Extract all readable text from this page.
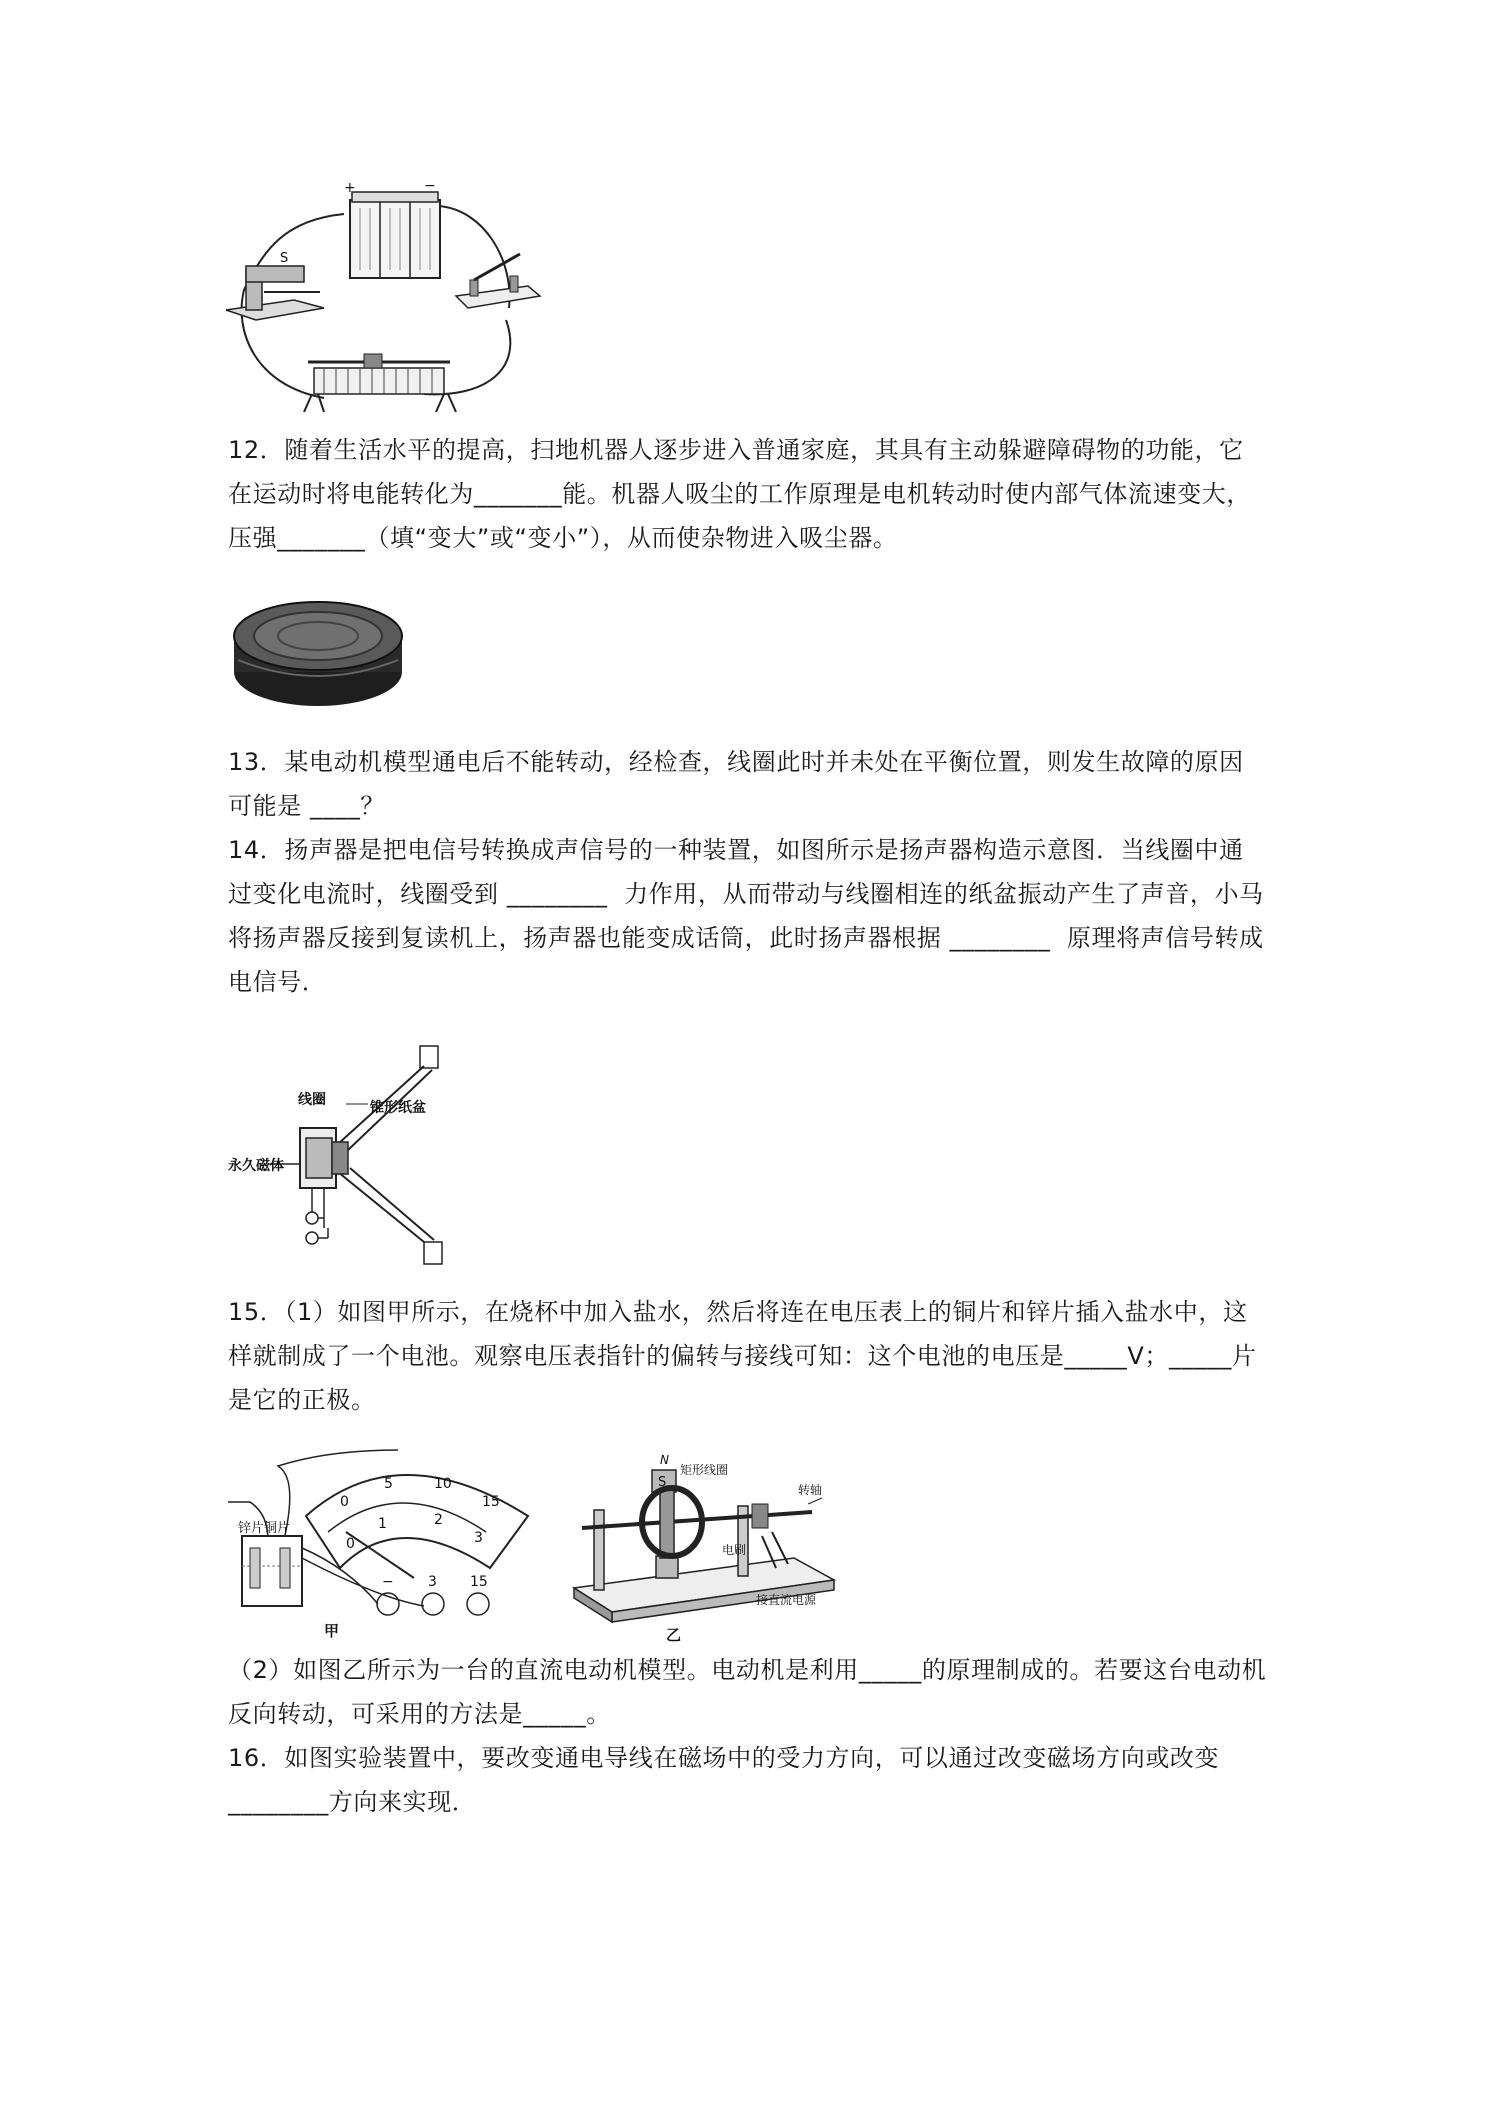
+	−
S

12．随着生活水平的提高，扫地机器人逐步进入普通家庭，其具有主动躲避障碍物的功能，它在运动时将电能转化为_______能。机器人吸尘的工作原理是电机转动时使内部气体流速变大，压强_______（填“变大”或“变小”），从而使杂物进入吸尘器。

13．某电动机模型通电后不能转动，经检查，线圈此时并未处在平衡位置，则发生故障的原因可能是 ____？

14．扬声器是把电信号转换成声信号的一种装置，如图所示是扬声器构造示意图．当线圈中通过变化电流时，线圈受到 ________  力作用，从而带动与线圈相连的纸盆振动产生了声音，小马将扬声器反接到复读机上，扬声器也能变成话筒，此时扬声器根据 ________  原理将声信号转成电信号．

线圈	锥形纸盆
永久磁体

15．（1）如图甲所示，在烧杯中加入盐水，然后将连在电压表上的铜片和锌片插入盐水中，这样就制成了一个电池。观察电压表指针的偏转与接线可知：这个电池的电压是_____V；_____片是它的正极。

锌片铜片
0
5	10
15
0
1	2
3
− 3 15
甲
N
S
矩形线圈
转轴
电刷
接直流电源
乙

（2）如图乙所示为一台的直流电动机模型。电动机是利用_____的原理制成的。若要这台电动机反向转动，可采用的方法是_____。

16．如图实验装置中，要改变通电导线在磁场中的受力方向，可以通过改变磁场方向或改变________方向来实现．
